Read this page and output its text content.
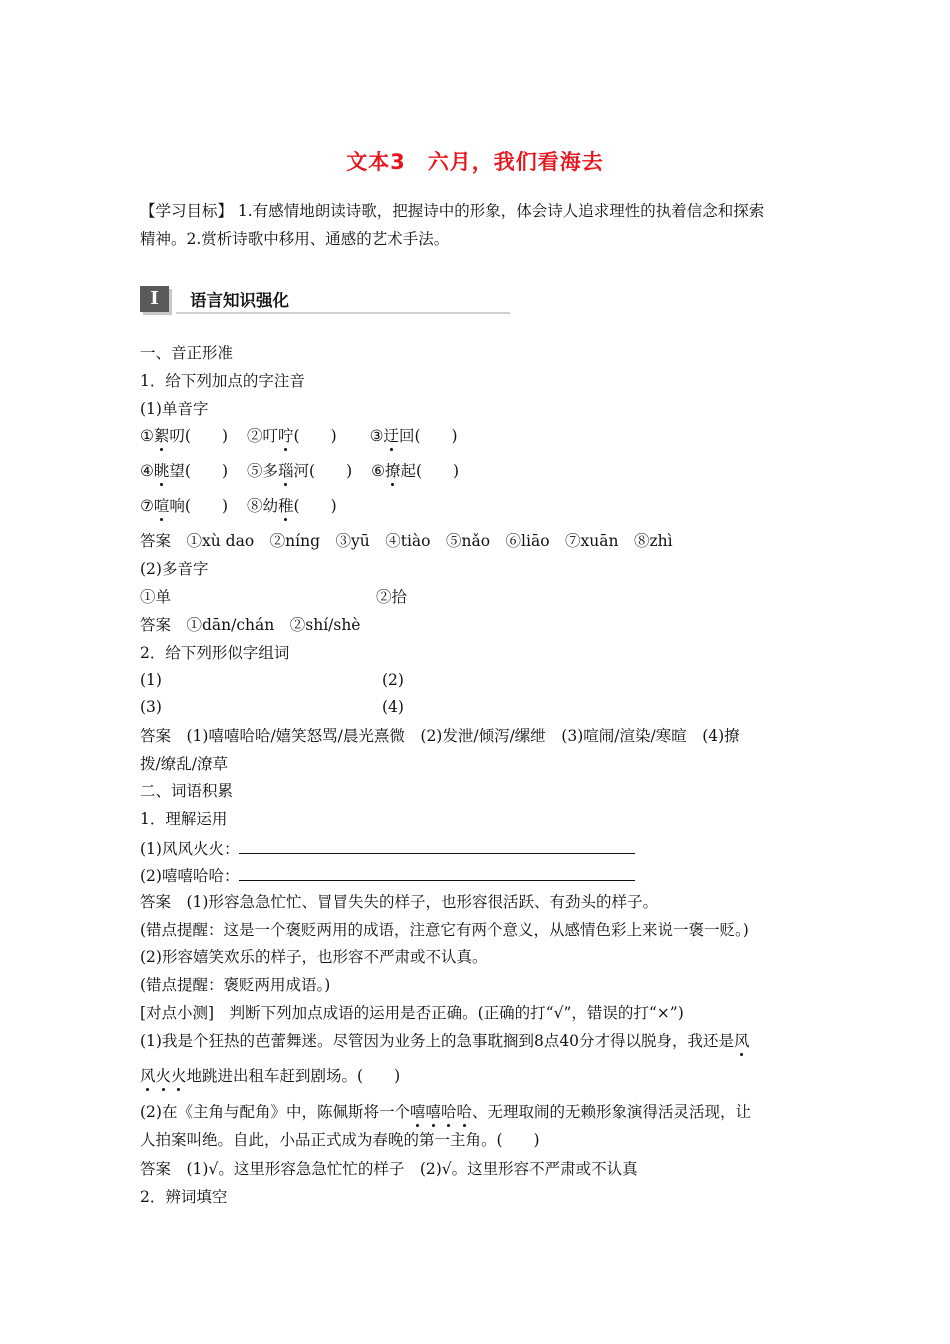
文本3　六月，我们看海去
【学习目标】 1.有感情地朗读诗歌，把握诗中的形象，体会诗人追求理性的执着信念和探索
精神。2.赏析诗歌中移用、通感的艺术手法。
I	语言知识强化
一、音正形准
1．给下列加点的字注音
(1)单音字
①絮叨(　　) ②叮咛(　　) ③迂回(　　)
④眺望(　　) ⑤多瑙河(　　) ⑥撩起(　　)
⑦喧响(　　) ⑧幼稚(　　)
答案　①xù dao　②níng　③yū　④tiào　⑤nǎo　⑥liāo　⑦xuān　⑧zhì
(2)多音字
①单	②拾
答案　①dān/chán　②shí/shè
2．给下列形似字组词
(1)	(2)
(3)	(4)
答案　(1)嘻嘻哈哈/嬉笑怒骂/晨光熹微　(2)发泄/倾泻/缧绁　(3)喧闹/渲染/寒暄　(4)撩
拨/缭乱/潦草
二、词语积累
1．理解运用
(1)风风火火：
(2)嘻嘻哈哈：
答案　(1)形容急急忙忙、冒冒失失的样子，也形容很活跃、有劲头的样子。
(错点提醒：这是一个褒贬两用的成语，注意它有两个意义，从感情色彩上来说一褒一贬。)
(2)形容嬉笑欢乐的样子，也形容不严肃或不认真。
(错点提醒：褒贬两用成语。)
[对点小测]　判断下列加点成语的运用是否正确。(正确的打“√”，错误的打“×”)
(1)我是个狂热的芭蕾舞迷。尽管因为业务上的急事耽搁到8点40分才得以脱身，我还是风
风火火地跳进出租车赶到剧场。(　　)
(2)在《主角与配角》中，陈佩斯将一个嘻嘻哈哈、无理取闹的无赖形象演得活灵活现，让
人拍案叫绝。自此，小品正式成为春晚的第一主角。(　　)
答案　(1)√。这里形容急急忙忙的样子　(2)√。这里形容不严肃或不认真
2．辨词填空
